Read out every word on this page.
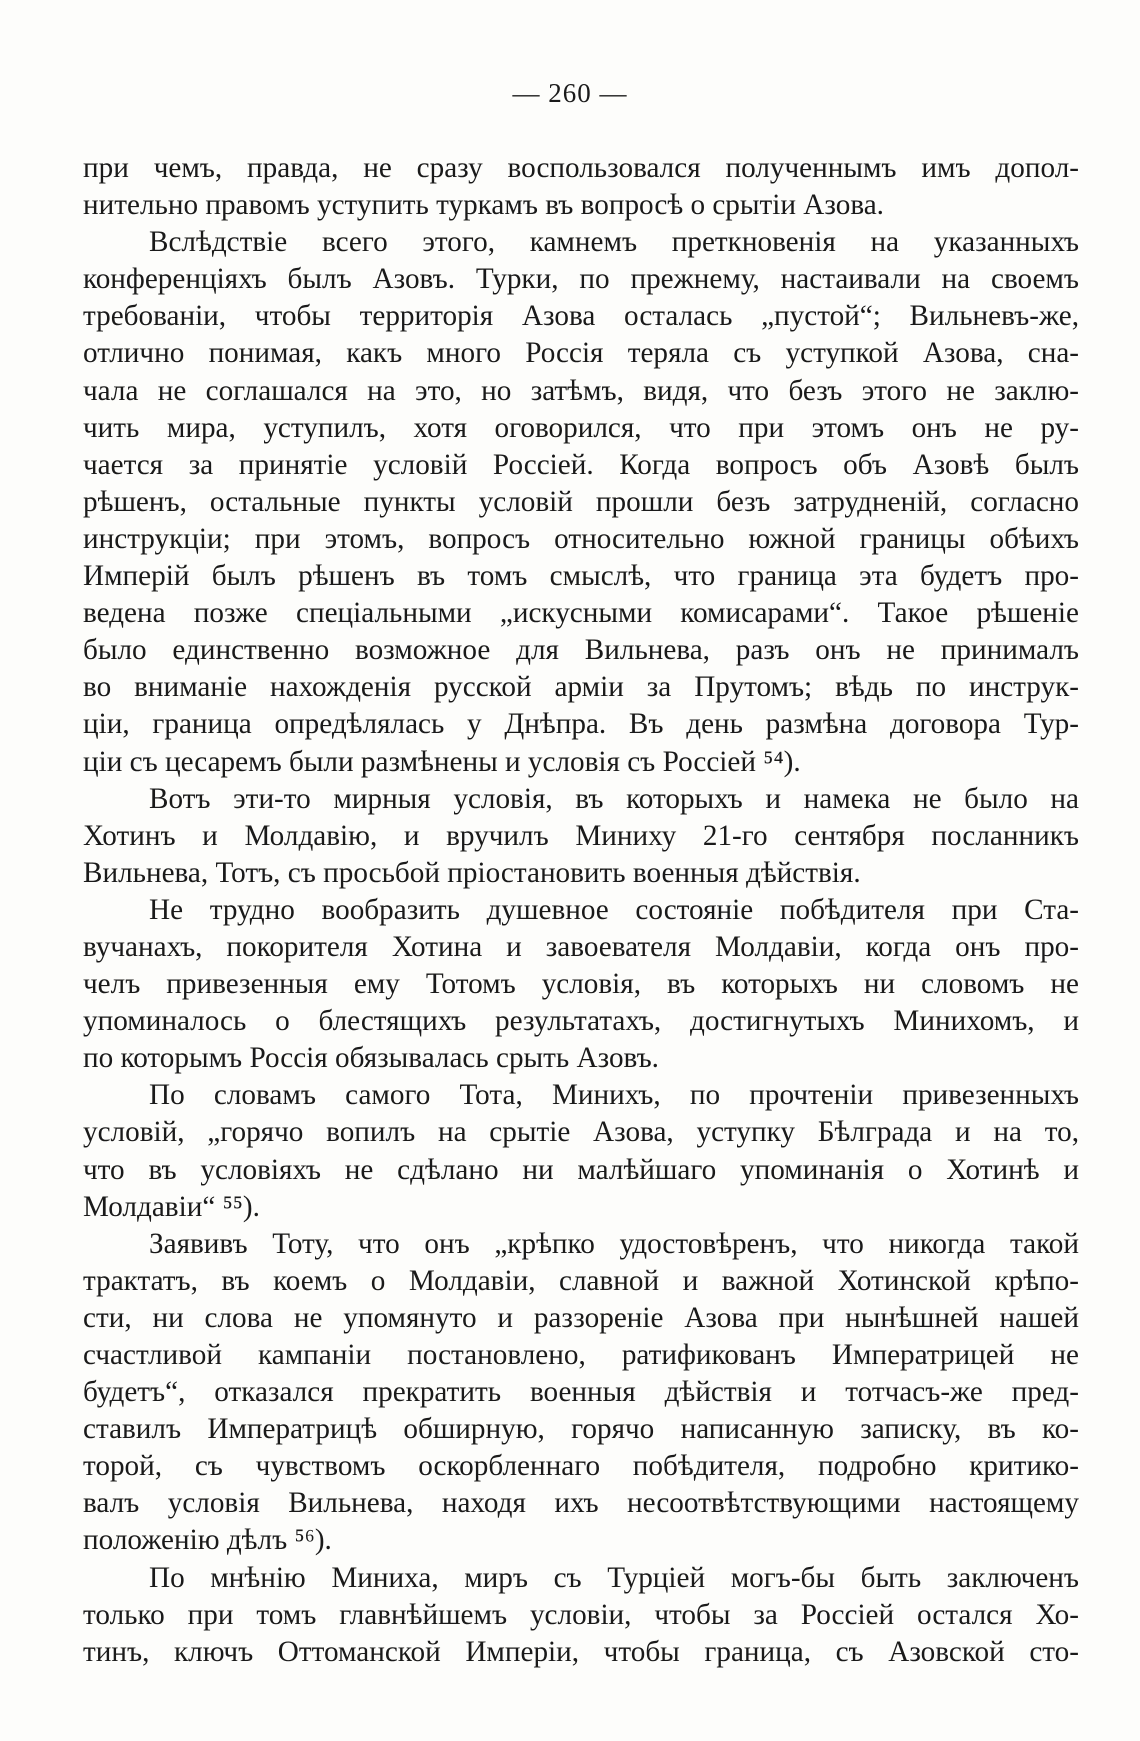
— 260 —
при чемъ, правда, не сразу воспользовался полученнымъ имъ допол-
нительно правомъ уступить туркамъ въ вопросѣ о срытіи Азова.
Вслѣдствіе всего этого, камнемъ преткновенія на указанныхъ
конференціяхъ былъ Азовъ. Турки, по прежнему, настаивали на своемъ
требованіи, чтобы территорія Азова осталась „пустой“; Вильневъ-же,
отлично понимая, какъ много Россія теряла съ уступкой Азова, сна-
чала не соглашался на это, но затѣмъ, видя, что безъ этого не заклю-
чить мира, уступилъ, хотя оговорился, что при этомъ онъ не ру-
чается за принятіе условій Россіей. Когда вопросъ объ Азовѣ былъ
рѣшенъ, остальные пункты условій прошли безъ затрудненій, согласно
инструкціи; при этомъ, вопросъ относительно южной границы обѣихъ
Имперій былъ рѣшенъ въ томъ смыслѣ, что граница эта будетъ про-
ведена позже спеціальными „искусными комисарами“. Такое рѣшеніе
было единственно возможное для Вильнева, разъ онъ не принималъ
во вниманіе нахожденія русской арміи за Прутомъ; вѣдь по инструк-
ціи, граница опредѣлялась у Днѣпра. Въ день размѣна договора Тур-
ціи съ цесаремъ были размѣнены и условія съ Россіей ⁵⁴).
Вотъ эти-то мирныя условія, въ которыхъ и намека не было на
Хотинъ и Молдавію, и вручилъ Миниху 21-го сентября посланникъ
Вильнева, Тотъ, съ просьбой пріостановить военныя дѣйствія.
Не трудно вообразить душевное состояніе побѣдителя при Ста-
вучанахъ, покорителя Хотина и завоевателя Молдавіи, когда онъ про-
челъ привезенныя ему Тотомъ условія, въ которыхъ ни словомъ не
упоминалось о блестящихъ результатахъ, достигнутыхъ Минихомъ, и
по которымъ Россія обязывалась срыть Азовъ.
По словамъ самого Тота, Минихъ, по прочтеніи привезенныхъ
условій, „горячо вопилъ на срытіе Азова, уступку Бѣлграда и на то,
что въ условіяхъ не сдѣлано ни малѣйшаго упоминанія о Хотинѣ и
Молдавіи“ ⁵⁵).
Заявивъ Тоту, что онъ „крѣпко удостовѣренъ, что никогда такой
трактатъ, въ коемъ о Молдавіи, славной и важной Хотинской крѣпо-
сти, ни слова не упомянуто и раззореніе Азова при нынѣшней нашей
счастливой кампаніи постановлено, ратификованъ Императрицей не
будетъ“, отказался прекратить военныя дѣйствія и тотчасъ-же пред-
ставилъ Императрицѣ обширную, горячо написанную записку, въ ко-
торой, съ чувствомъ оскорбленнаго побѣдителя, подробно критико-
валъ условія Вильнева, находя ихъ несоотвѣтствующими настоящему
положенію дѣлъ ⁵⁶).
По мнѣнію Миниха, миръ съ Турціей могъ-бы быть заключенъ
только при томъ главнѣйшемъ условіи, чтобы за Россіей остался Хо-
тинъ, ключъ Оттоманской Имперіи, чтобы граница, съ Азовской сто-
